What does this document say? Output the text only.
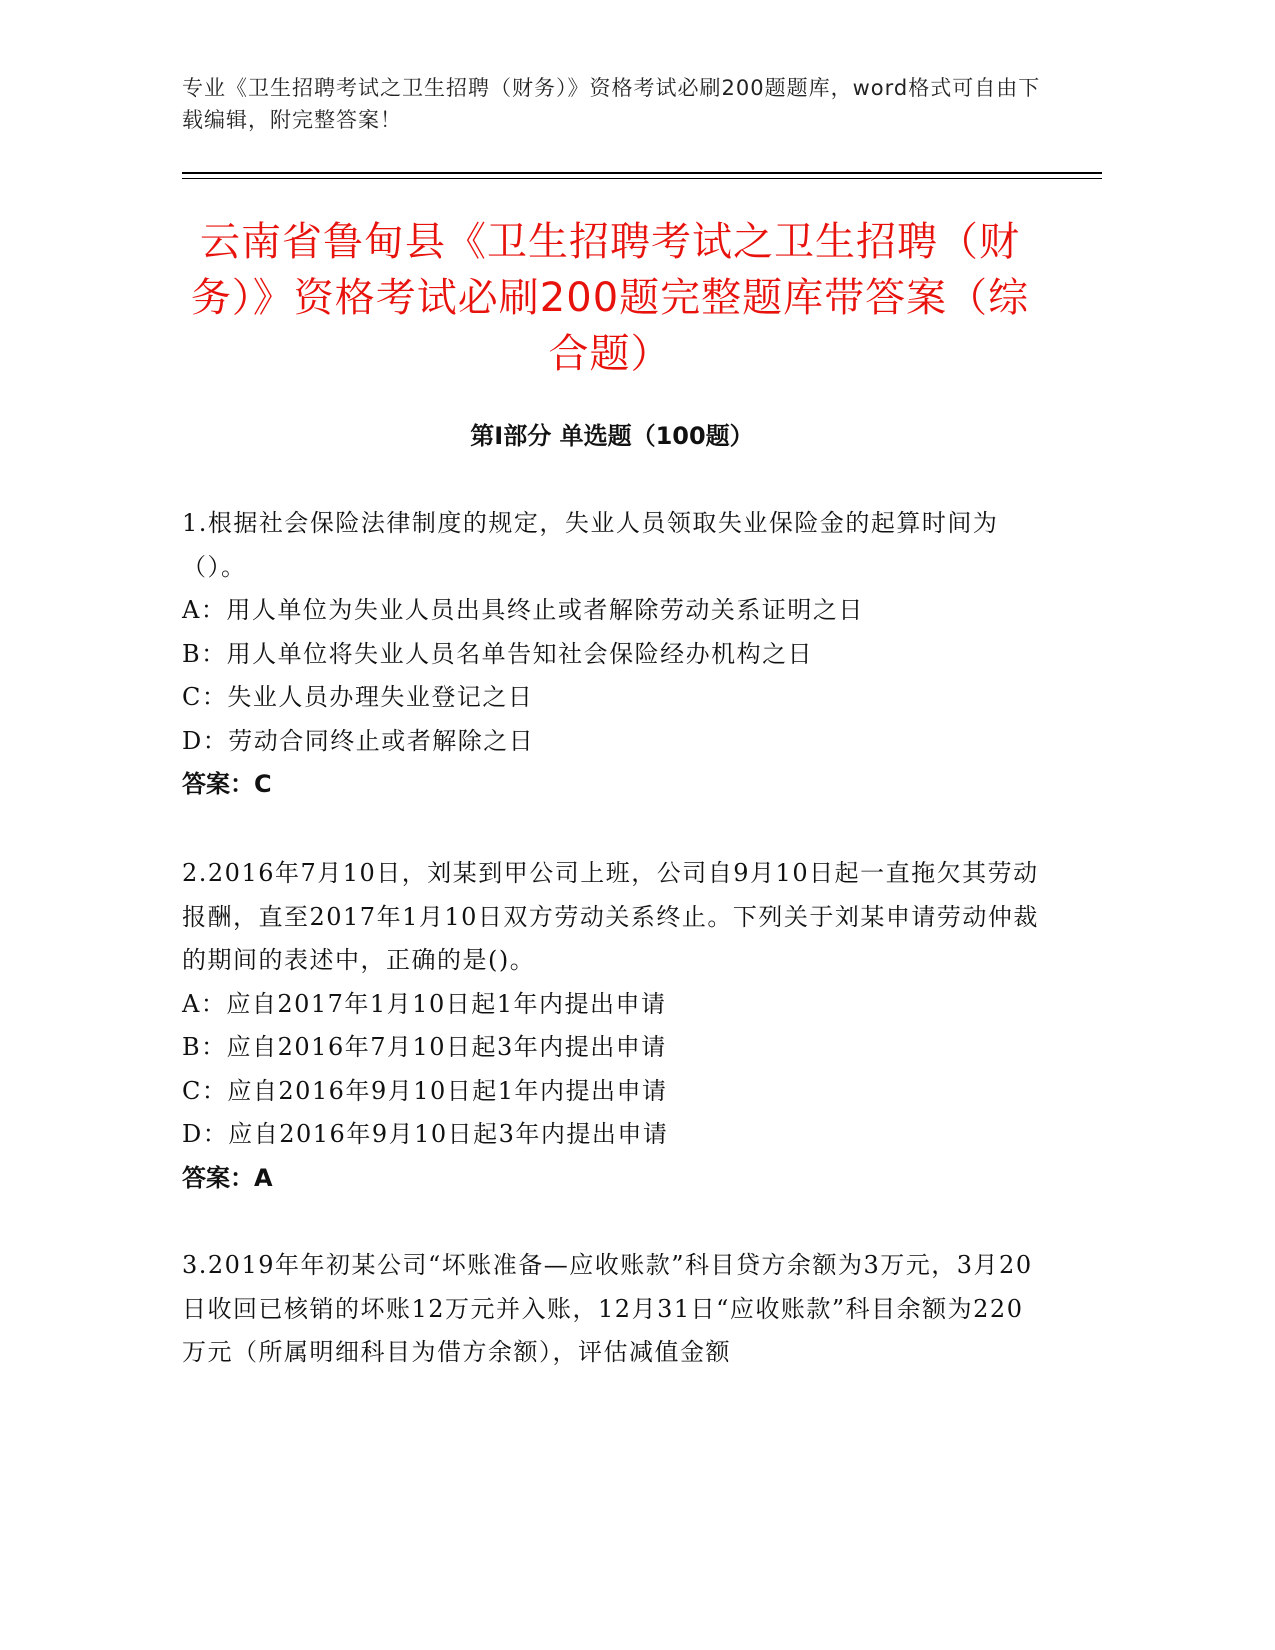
专业《卫生招聘考试之卫生招聘（财务）》资格考试必刷200题题库，word格式可自由下载编辑，附完整答案！
云南省鲁甸县《卫生招聘考试之卫生招聘（财务）》资格考试必刷200题完整题库带答案（综合题）
第I部分 单选题（100题）
1.根据社会保险法律制度的规定，失业人员领取失业保险金的起算时间为（）。
A：用人单位为失业人员出具终止或者解除劳动关系证明之日
B：用人单位将失业人员名单告知社会保险经办机构之日
C：失业人员办理失业登记之日
D：劳动合同终止或者解除之日
答案：C
2.2016年7月10日，刘某到甲公司上班，公司自9月10日起一直拖欠其劳动报酬，直至2017年1月10日双方劳动关系终止。下列关于刘某申请劳动仲裁的期间的表述中，正确的是()。
A：应自2017年1月10日起1年内提出申请
B：应自2016年7月10日起3年内提出申请
C：应自2016年9月10日起1年内提出申请
D：应自2016年9月10日起3年内提出申请
答案：A
3.2019年年初某公司“坏账准备—应收账款”科目贷方余额为3万元，3月20日收回已核销的坏账12万元并入账，12月31日“应收账款”科目余额为220万元（所属明细科目为借方余额），评估减值金额
